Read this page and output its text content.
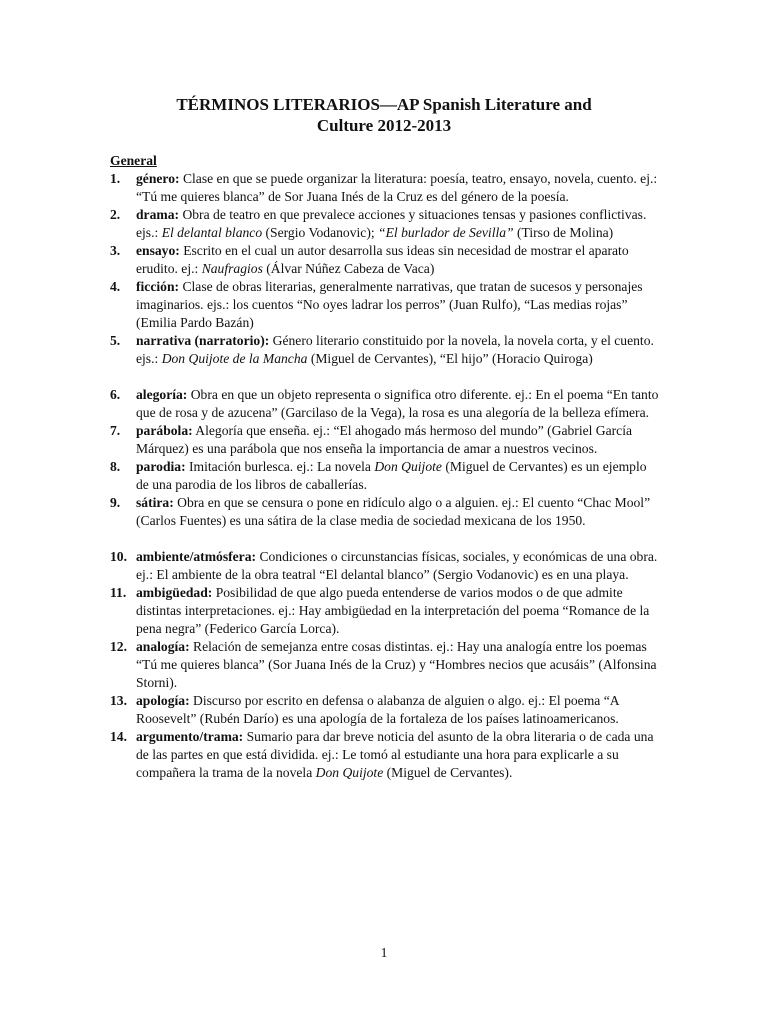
TÉRMINOS LITERARIOS—AP Spanish Literature and
Culture 2012-2013
General
1. género: Clase en que se puede organizar la literatura: poesía, teatro, ensayo, novela, cuento. ej.: “Tú me quieres blanca” de Sor Juana Inés de la Cruz es del género de la poesía.
2. drama: Obra de teatro en que prevalece acciones y situaciones tensas y pasiones conflictivas. ejs.: El delantal blanco (Sergio Vodanovic); “El burlador de Sevilla” (Tirso de Molina)
3. ensayo: Escrito en el cual un autor desarrolla sus ideas sin necesidad de mostrar el aparato erudito. ej.: Naufragios (Álvar Núñez Cabeza de Vaca)
4. ficción: Clase de obras literarias, generalmente narrativas, que tratan de sucesos y personajes imaginarios. ejs.: los cuentos “No oyes ladrar los perros” (Juan Rulfo), “Las medias rojas” (Emilia Pardo Bazán)
5. narrativa (narratorio): Género literario constituido por la novela, la novela corta, y el cuento. ejs.: Don Quijote de la Mancha (Miguel de Cervantes), “El hijo” (Horacio Quiroga)
6. alegoría: Obra en que un objeto representa o significa otro diferente. ej.: En el poema “En tanto que de rosa y de azucena” (Garcilaso de la Vega), la rosa es una alegoría de la belleza efímera.
7. parábola: Alegoría que enseña. ej.: “El ahogado más hermoso del mundo” (Gabriel García Márquez) es una parábola que nos enseña la importancia de amar a nuestros vecinos.
8. parodia: Imitación burlesca. ej.: La novela Don Quijote (Miguel de Cervantes) es un ejemplo de una parodia de los libros de caballerías.
9. sátira: Obra en que se censura o pone en ridículo algo o a alguien. ej.: El cuento “Chac Mool” (Carlos Fuentes) es una sátira de la clase media de sociedad mexicana de los 1950.
10. ambiente/atmósfera: Condiciones o circunstancias físicas, sociales, y económicas de una obra. ej.: El ambiente de la obra teatral “El delantal blanco” (Sergio Vodanovic) es en una playa.
11. ambigüedad: Posibilidad de que algo pueda entenderse de varios modos o de que admite distintas interpretaciones. ej.: Hay ambigüedad en la interpretación del poema “Romance de la pena negra” (Federico García Lorca).
12. analogía: Relación de semejanza entre cosas distintas. ej.: Hay una analogía entre los poemas “Tú me quieres blanca” (Sor Juana Inés de la Cruz) y “Hombres necios que acusáis” (Alfonsina Storni).
13. apología: Discurso por escrito en defensa o alabanza de alguien o algo. ej.: El poema “A Roosevelt” (Rubén Darío) es una apología de la fortaleza de los países latinoamericanos.
14. argumento/trama: Sumario para dar breve noticia del asunto de la obra literaria o de cada una de las partes en que está dividida. ej.: Le tomó al estudiante una hora para explicarle a su compañera la trama de la novela Don Quijote (Miguel de Cervantes).
1
